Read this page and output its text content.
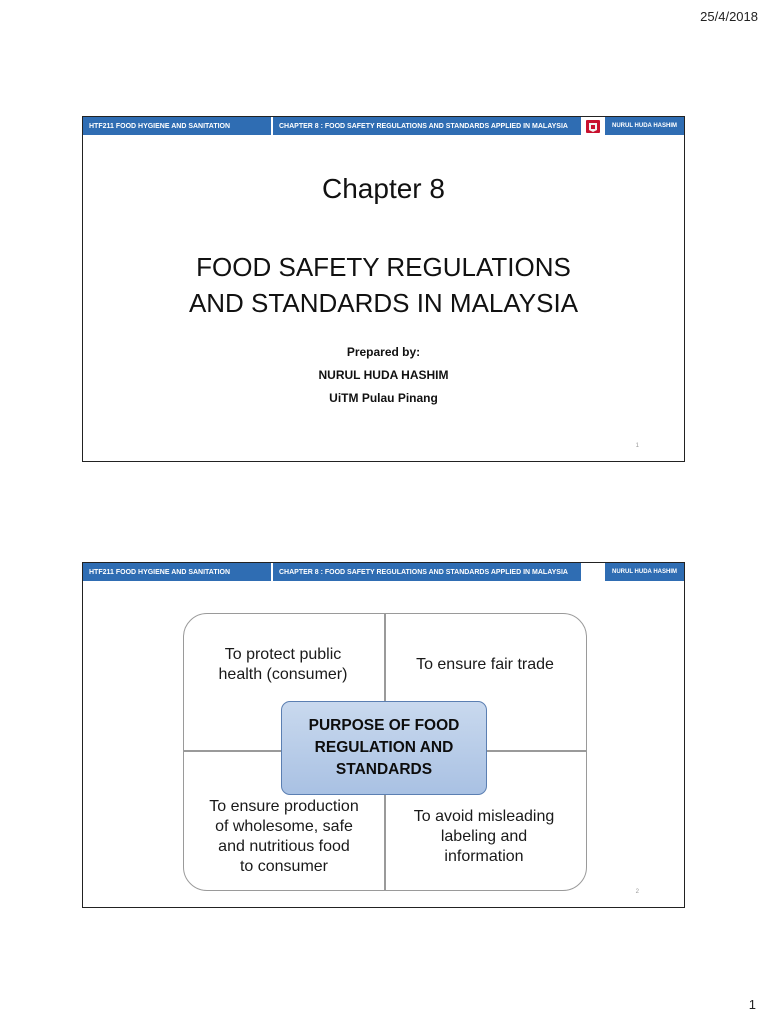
25/4/2018
HTF211 FOOD HYGIENE AND SANITATION	CHAPTER 8 : FOOD SAFETY REGULATIONS AND STANDARDS APPLIED IN MALAYSIA	NURUL HUDA HASHIM
Chapter 8
FOOD SAFETY REGULATIONS
AND STANDARDS IN MALAYSIA
Prepared by:
NURUL HUDA HASHIM
UiTM Pulau Pinang
1
HTF211 FOOD HYGIENE AND SANITATION	CHAPTER 8 : FOOD SAFETY REGULATIONS AND STANDARDS APPLIED IN MALAYSIA	NURUL HUDA HASHIM
To protect public
health (consumer)
To ensure fair trade
To ensure production
of wholesome, safe
and nutritious food
to consumer
To avoid misleading
labeling and
information
PURPOSE OF FOOD
REGULATION AND
STANDARDS
2
1
